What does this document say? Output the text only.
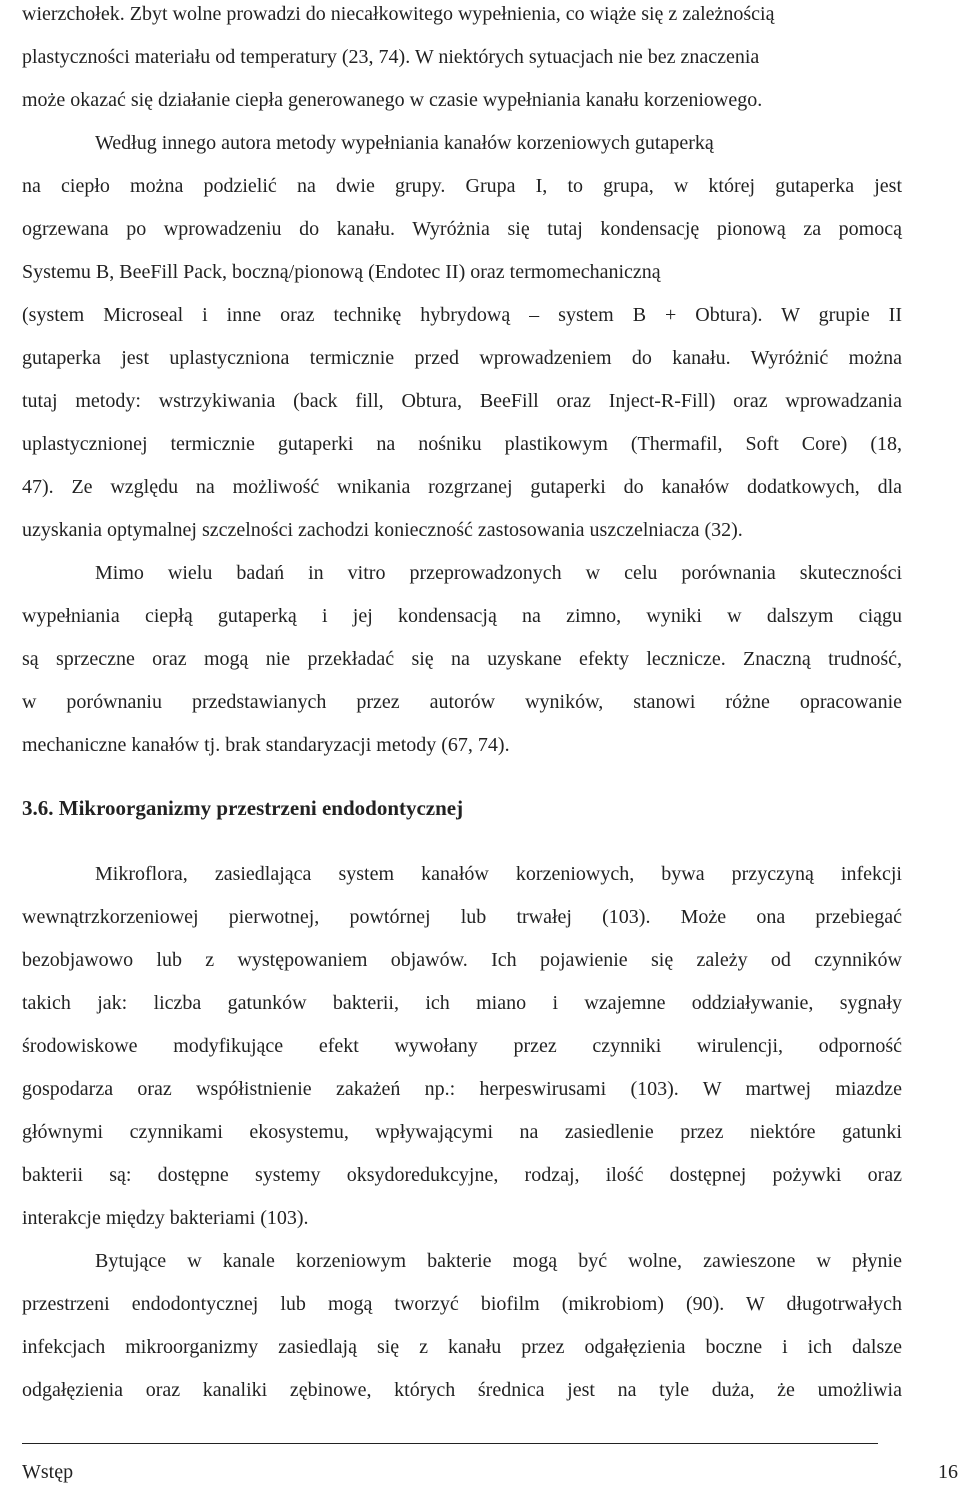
wierzchołek. Zbyt wolne prowadzi do niecałkowitego wypełnienia, co wiąże się z zależnością
plastyczności materiału od temperatury (23, 74). W niektórych sytuacjach nie bez znaczenia
może okazać się działanie ciepła generowanego w czasie wypełniania kanału korzeniowego.
Według innego autora metody wypełniania kanałów korzeniowych gutaperką
na ciepło można podzielić na dwie grupy. Grupa I, to grupa, w której gutaperka jest
ogrzewana po wprowadzeniu do kanału. Wyróżnia się tutaj kondensację pionową za pomocą
Systemu B, BeeFill Pack, boczną/pionową (Endotec II) oraz termomechaniczną
(system Microseal i inne oraz technikę hybrydową – system B + Obtura). W grupie II
gutaperka jest uplastyczniona termicznie przed wprowadzeniem do kanału. Wyróżnić można
tutaj metody: wstrzykiwania (back fill, Obtura, BeeFill oraz Inject-R-Fill) oraz wprowadzania
uplastycznionej termicznie gutaperki na nośniku plastikowym (Thermafil, Soft Core) (18,
47). Ze względu na możliwość wnikania rozgrzanej gutaperki do kanałów dodatkowych, dla
uzyskania optymalnej szczelności zachodzi konieczność zastosowania uszczelniacza (32).
Mimo wielu badań in vitro przeprowadzonych w celu porównania skuteczności
wypełniania ciepłą gutaperką i jej kondensacją na zimno, wyniki w dalszym ciągu
są sprzeczne oraz mogą nie przekładać się na uzyskane efekty lecznicze. Znaczną trudność,
w porównaniu przedstawianych przez autorów wyników, stanowi różne opracowanie
mechaniczne kanałów tj. brak standaryzacji metody (67, 74).
3.6. Mikroorganizmy przestrzeni endodontycznej
Mikroflora, zasiedlająca system kanałów korzeniowych, bywa przyczyną infekcji
wewnątrzkorzeniowej pierwotnej, powtórnej lub trwałej (103). Może ona przebiegać
bezobjawowo lub z występowaniem objawów. Ich pojawienie się zależy od czynników
takich jak: liczba gatunków bakterii, ich miano i wzajemne oddziaływanie, sygnały
środowiskowe modyfikujące efekt wywołany przez czynniki wirulencji, odporność
gospodarza oraz współistnienie zakażeń np.: herpeswirusami (103). W martwej miazdze
głównymi czynnikami ekosystemu, wpływającymi na zasiedlenie przez niektóre gatunki
bakterii są: dostępne systemy oksydoredukcyjne, rodzaj, ilość dostępnej pożywki oraz
interakcje między bakteriami (103).
Bytujące w kanale korzeniowym bakterie mogą być wolne, zawieszone w płynie
przestrzeni endodontycznej lub mogą tworzyć biofilm (mikrobiom) (90). W długotrwałych
infekcjach mikroorganizmy zasiedlają się z kanału przez odgałęzienia boczne i ich dalsze
odgałęzienia oraz kanaliki zębinowe, których średnica jest na tyle duża, że umożliwia
Wstęp	16
